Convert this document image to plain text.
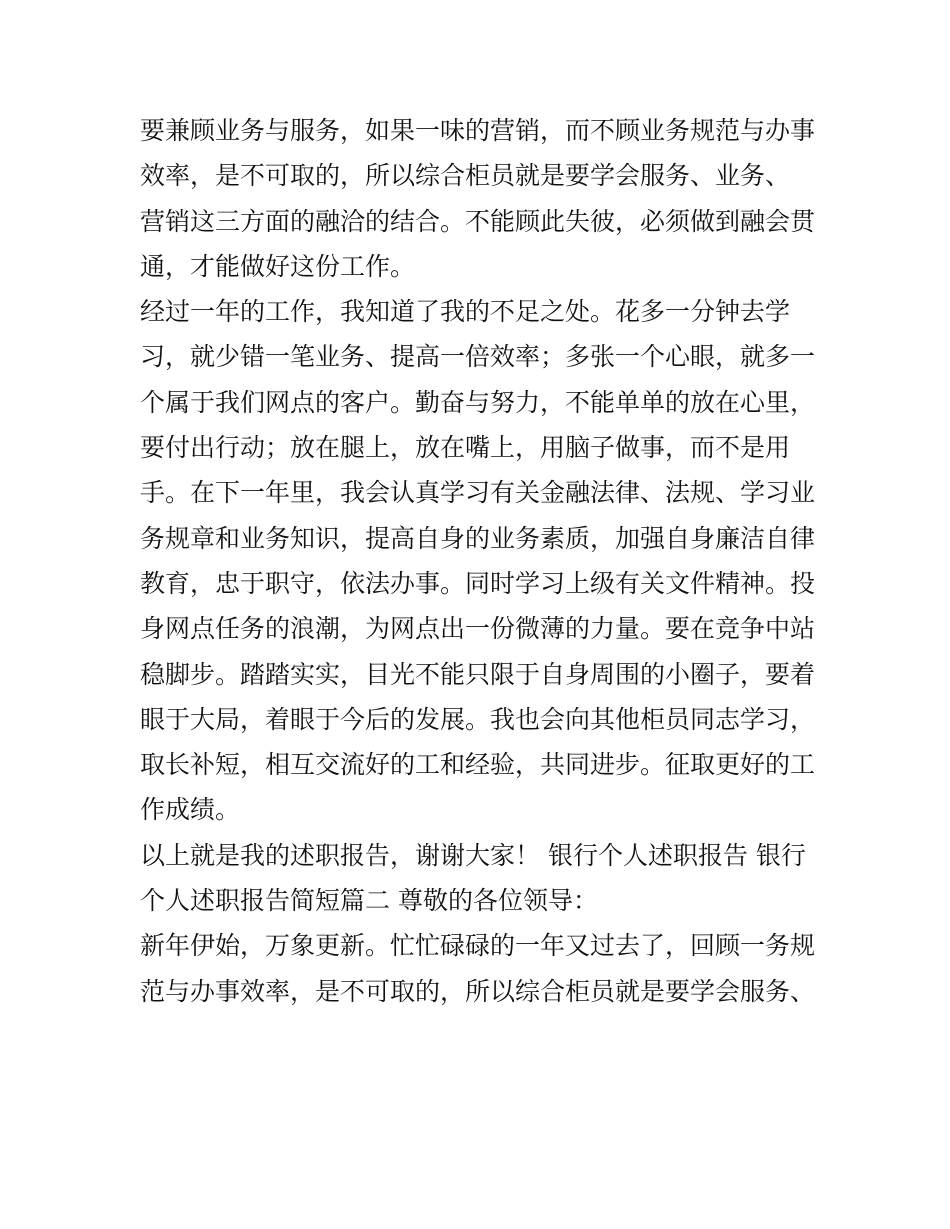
要兼顾业务与服务，如果一味的营销，而不顾业务规范与办事
效率，是不可取的，所以综合柜员就是要学会服务、业务、
营销这三方面的融洽的结合。不能顾此失彼，必须做到融会贯
通，才能做好这份工作。
经过一年的工作，我知道了我的不足之处。花多一分钟去学
习，就少错一笔业务、提高一倍效率；多张一个心眼，就多一
个属于我们网点的客户。勤奋与努力，不能单单的放在心里，
要付出行动；放在腿上，放在嘴上，用脑子做事，而不是用
手。在下一年里，我会认真学习有关金融法律、法规、学习业
务规章和业务知识，提高自身的业务素质，加强自身廉洁自律
教育，忠于职守，依法办事。同时学习上级有关文件精神。投
身网点任务的浪潮，为网点出一份微薄的力量。要在竞争中站
稳脚步。踏踏实实，目光不能只限于自身周围的小圈子，要着
眼于大局，着眼于今后的发展。我也会向其他柜员同志学习，
取长补短，相互交流好的工和经验，共同进步。征取更好的工
作成绩。
以上就是我的述职报告，谢谢大家！ 银行个人述职报告 银行
个人述职报告简短篇二 尊敬的各位领导：
新年伊始，万象更新。忙忙碌碌的一年又过去了，回顾一务规
范与办事效率，是不可取的，所以综合柜员就是要学会服务、
